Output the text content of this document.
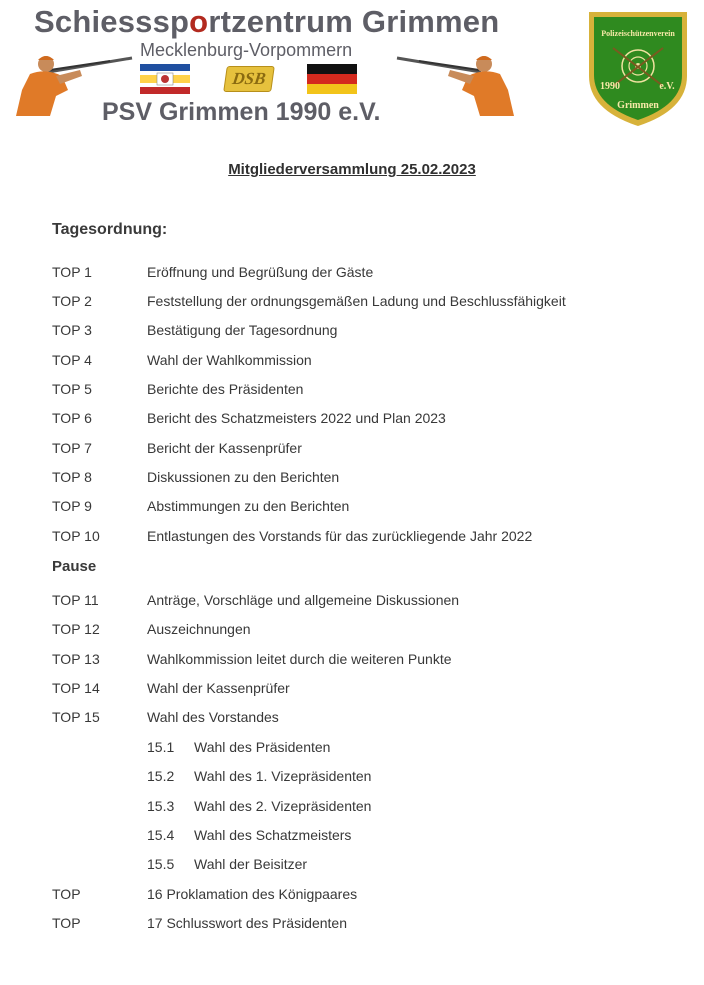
Schiesssportzentrum Grimmen
Mecklenburg-Vorpommern
DSB
PSV Grimmen 1990 e.V.
Polizeischützenverein
1990	e.V.
Grimmen
Mitgliederversammlung 25.02.2023
Tagesordnung:
TOP 1	Eröffnung und Begrüßung der Gäste
TOP 2	Feststellung der ordnungsgemäßen Ladung und Beschlussfähigkeit
TOP 3	Bestätigung der Tagesordnung
TOP 4	Wahl der Wahlkommission
TOP 5	Berichte des Präsidenten
TOP 6	Bericht des Schatzmeisters 2022 und Plan 2023
TOP 7	Bericht der Kassenprüfer
TOP 8	Diskussionen zu den Berichten
TOP 9	Abstimmungen zu den Berichten
TOP 10	Entlastungen des Vorstands für das zurückliegende Jahr 2022
Pause
TOP 11	Anträge, Vorschläge und allgemeine Diskussionen
TOP 12	Auszeichnungen
TOP 13	Wahlkommission leitet durch die weiteren Punkte
TOP 14	Wahl der Kassenprüfer
TOP 15	Wahl des Vorstandes
15.1 Wahl des Präsidenten
15.2 Wahl des 1. Vizepräsidenten
15.3 Wahl des 2. Vizepräsidenten
15.4 Wahl des Schatzmeisters
15.5 Wahl der Beisitzer
TOP	16 Proklamation des Königpaares
TOP	17 Schlusswort des Präsidenten
